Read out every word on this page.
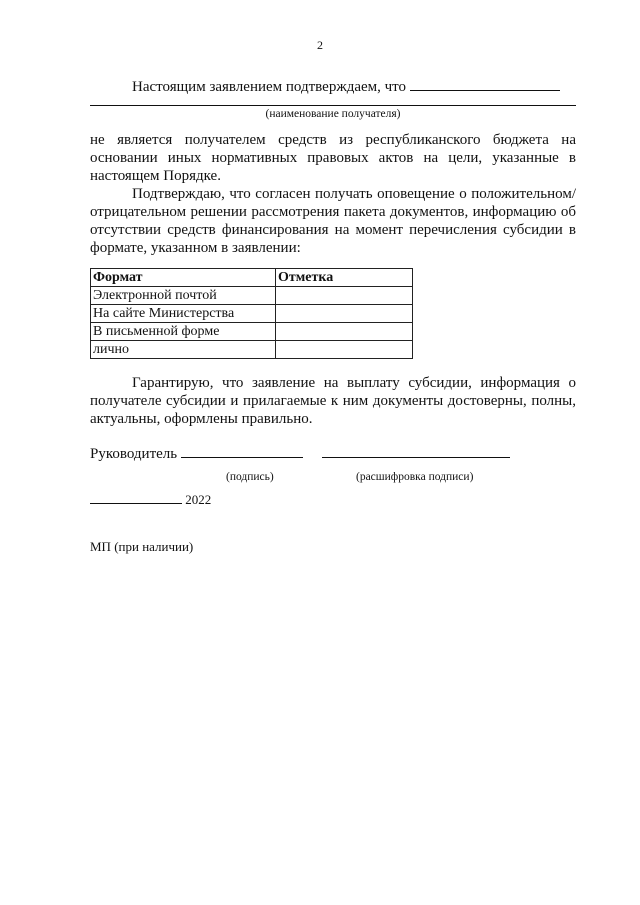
2
Настоящим заявлением подтверждаем, что
(наименование получателя)

не является получателем средств из республиканского бюджета на основании иных нормативных правовых актов на цели, указанные в настоящем Порядке.

Подтверждаю, что согласен получать оповещение о положительном/отрицательном решении рассмотрения пакета документов, информацию об отсутствии средств финансирования на момент перечисления субсидии в формате, указанном в заявлении:

Формат	Отметка
Электронной почтой	
На сайте Министерства	
В письменной форме	
лично	

Гарантирую, что заявление на выплату субсидии, информация о получателе субсидии и прилагаемые к ним документы достоверны, полны, актуальны, оформлены правильно.

Руководитель
(подпись)	(расшифровка подписи)
2022
МП (при наличии)
